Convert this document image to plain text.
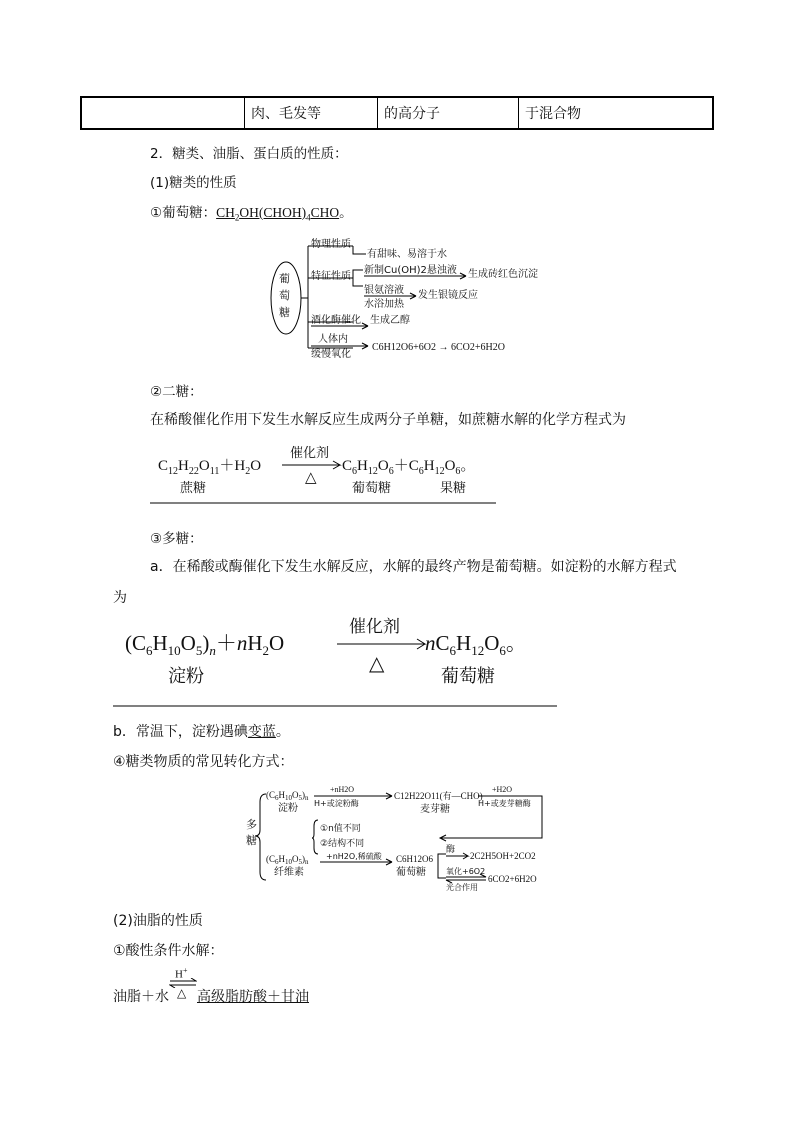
	肉、毛发等	的高分子	于混合物
2．糖类、油脂、蛋白质的性质：
(1)糖类的性质
①葡萄糖：$CH_2OH(CHOH)_4CHO$。
葡
萄
糖
物理性质
有甜味、易溶于水
特征性质
新制Cu(OH)2悬浊液 生成砖红色沉淀
银氨溶液
水浴加热
发生银镜反应
酒化酶催化 生成乙醇
人体内
缓慢氧化
C6H12O6+6O2 → 6CO2+6H2O
②二糖：
在稀酸催化作用下发生水解反应生成两分子单糖，如蔗糖水解的化学方程式为
$C_{12}H_{22}O_{11}+H_2O$
催化剂
△
$C_6H_{12}O_6+C_6H_{12}O_6$。
蔗糖	葡萄糖	果糖
③多糖：
a．在稀酸或酶催化下发生水解反应，水解的最终产物是葡萄糖。如淀粉的水解方程式
为
$(C_6H_{10}O_5)_n+nH_2O$
催化剂
△
$nC_6H_{12}O_6$。
淀粉	葡萄糖
b．常温下，淀粉遇碘变蓝。
④糖类物质的常见转化方式：
多
糖
$(C_6H_{10}O_5)_n$
淀粉
+nH2O
H+或淀粉酶
C12H22O11(有—CHO)
麦芽糖
+H2O
H+或麦芽糖酶
①n值不同
②结构不同
$(C_6H_{10}O_5)_n$
纤维素
+nH2O,稀硫酸 C6H12O6
葡萄糖
酶
2C2H5OH+2CO2
氧化+6O2
光合作用
6CO2+6H2O
(2)油脂的性质
①酸性条件水解：
油脂＋水
H+
△ 高级脂肪酸＋甘油
